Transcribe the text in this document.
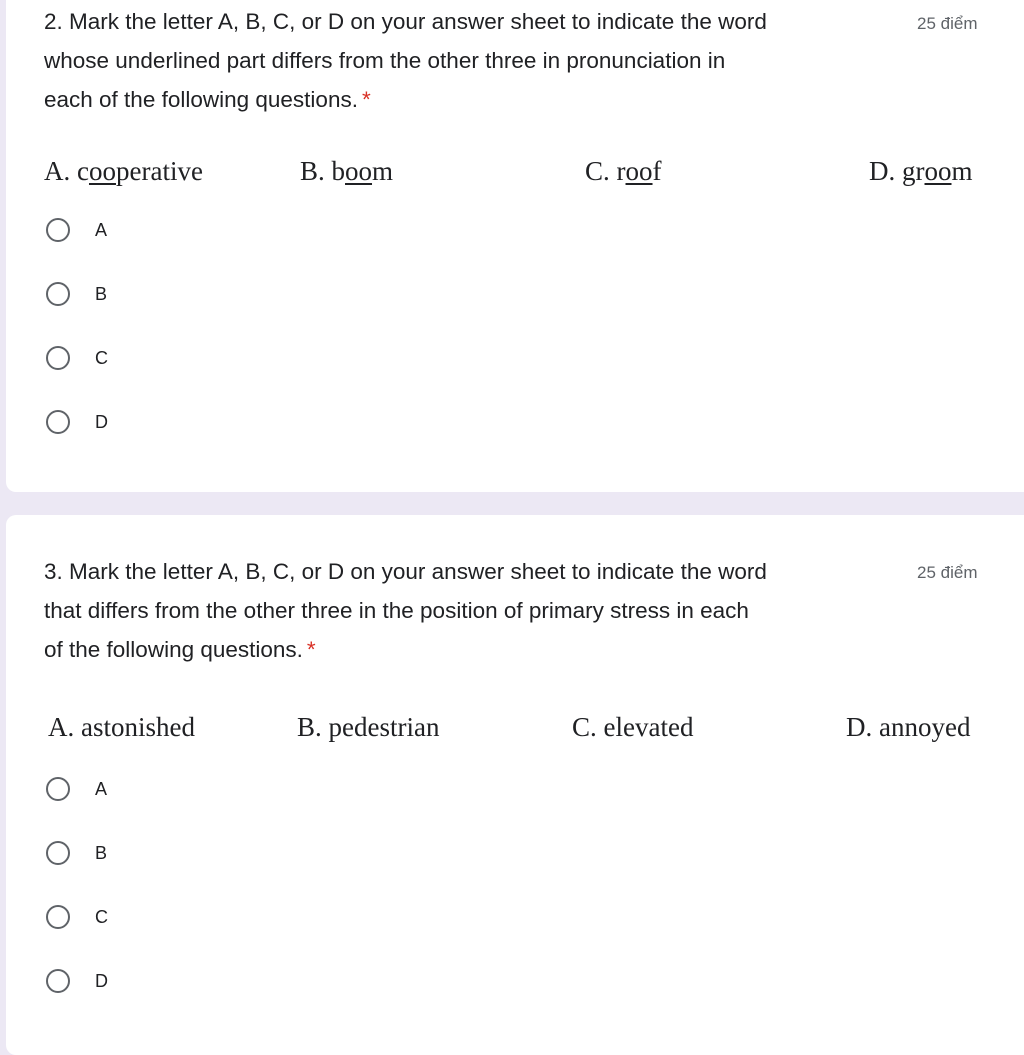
2. Mark the letter A, B, C, or D on your answer sheet to indicate the word
whose underlined part differs from the other three in pronunciation in
each of the following questions. *
25 điểm
A. cooperative	B. boom	C. roof	D. groom
A
B
C
D
3. Mark the letter A, B, C, or D on your answer sheet to indicate the word
that differs from the other three in the position of primary stress in each
of the following questions. *
25 điểm
A. astonished	B. pedestrian	C. elevated	D. annoyed
A
B
C
D
